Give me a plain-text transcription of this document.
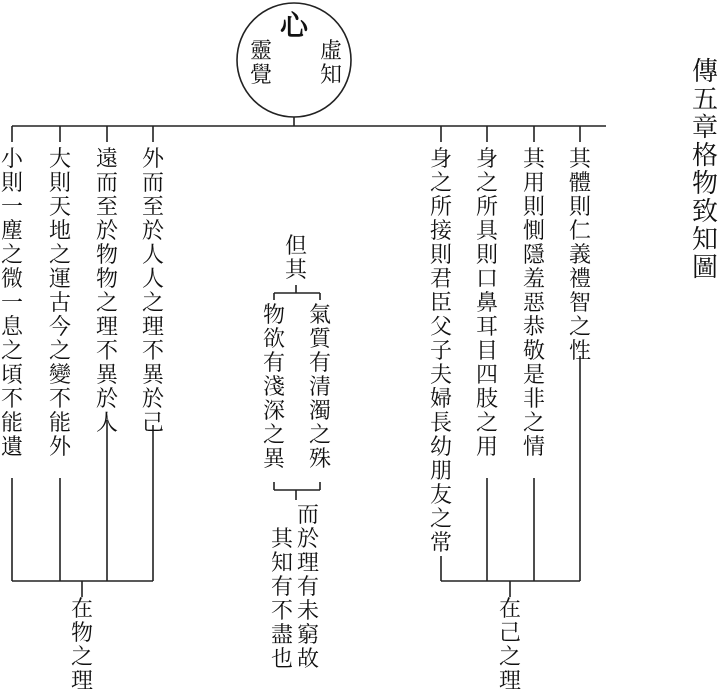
傳
五
章
格
物
致
知
圖
心
靈
覺
虛
知
外
而
至
於
人
人
之
理
不
異
於
己
遠
而
至
於
物
物
之
理
不
異
於
人
大
則
天
地
之
運
古
今
之
變
不
能
外
小
則
一
塵
之
微
一
息
之
頃
不
能
遺
在
物
之
理
其
體
則
仁
義
禮
智
之
性
其
用
則
惻
隱
羞
惡
恭
敬
是
非
之
情
身
之
所
具
則
口
鼻
耳
目
四
肢
之
用
身
之
所
接
則
君
臣
父
子
夫
婦
長
幼
朋
友
之
常
在
己
之
理
但
其
氣
質
有
清
濁
之
殊
物
欲
有
淺
深
之
異
而
於
理
有
未
窮
故
其
知
有
不
盡
也
